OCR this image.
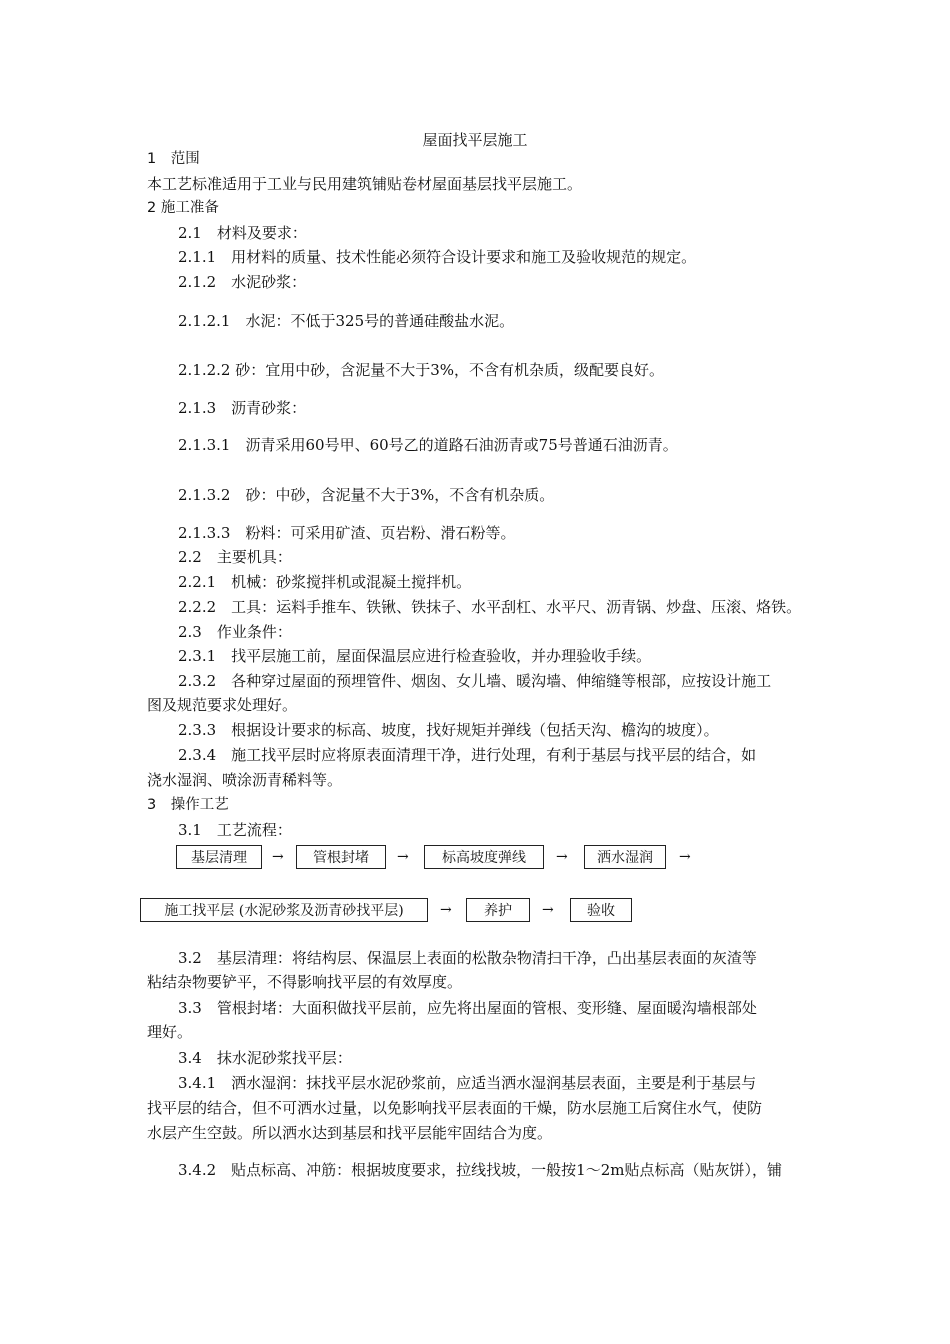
屋面找平层施工
1　范围
本工艺标准适用于工业与民用建筑铺贴卷材屋面基层找平层施工。
2 施工准备
2.1　材料及要求：
2.1.1　用材料的质量、技术性能必须符合设计要求和施工及验收规范的规定。
2.1.2　水泥砂浆：
2.1.2.1　水泥：不低于325号的普通硅酸盐水泥。
2.1.2.2 砂：宜用中砂，含泥量不大于3%，不含有机杂质，级配要良好。
2.1.3　沥青砂浆：
2.1.3.1　沥青采用60号甲、60号乙的道路石油沥青或75号普通石油沥青。
2.1.3.2　砂：中砂，含泥量不大于3%，不含有机杂质。
2.1.3.3　粉料：可采用矿渣、页岩粉、滑石粉等。
2.2　主要机具：
2.2.1　机械：砂浆搅拌机或混凝土搅拌机。
2.2.2　工具：运料手推车、铁锹、铁抹子、水平刮杠、水平尺、沥青锅、炒盘、压滚、烙铁。
2.3　作业条件：
2.3.1　找平层施工前，屋面保温层应进行检查验收，并办理验收手续。
2.3.2　各种穿过屋面的预埋管件、烟囱、女儿墙、暖沟墙、伸缩缝等根部，应按设计施工
图及规范要求处理好。
2.3.3　根据设计要求的标高、坡度，找好规矩并弹线（包括天沟、檐沟的坡度）。
2.3.4　施工找平层时应将原表面清理干净，进行处理，有利于基层与找平层的结合，如
浇水湿润、喷涂沥青稀料等。
3　操作工艺
3.1　工艺流程：
基层清理	→	管根封堵	→	标高坡度弹线	→	洒水湿润	→
施工找平层 (水泥砂浆及沥青砂找平层)	→	养护	→	验收
3.2　基层清理：将结构层、保温层上表面的松散杂物清扫干净，凸出基层表面的灰渣等
粘结杂物要铲平，不得影响找平层的有效厚度。
3.3　管根封堵：大面积做找平层前，应先将出屋面的管根、变形缝、屋面暖沟墙根部处
理好。
3.4　抹水泥砂浆找平层：
3.4.1　洒水湿润：抹找平层水泥砂浆前，应适当洒水湿润基层表面，主要是利于基层与
找平层的结合，但不可洒水过量，以免影响找平层表面的干燥，防水层施工后窝住水气，使防
水层产生空鼓。所以洒水达到基层和找平层能牢固结合为度。
3.4.2　贴点标高、冲筋：根据坡度要求，拉线找坡，一般按1～2m贴点标高（贴灰饼），铺
